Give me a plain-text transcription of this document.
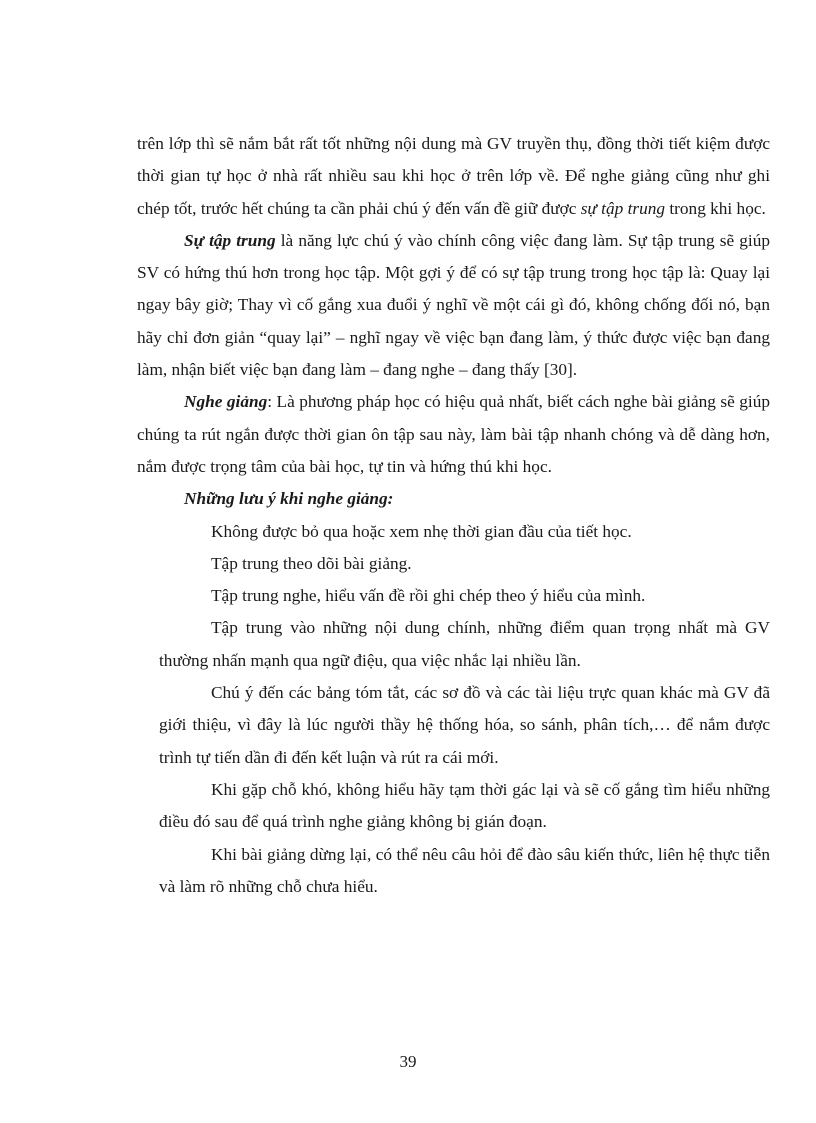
trên lớp thì sẽ nắm bắt rất tốt những nội dung mà GV truyền thụ, đồng thời tiết kiệm được thời gian tự học ở nhà rất nhiều sau khi học ở trên lớp về. Để nghe giảng cũng như ghi chép tốt, trước hết chúng ta cần phải chú ý đến vấn đề giữ được sự tập trung trong khi học.

Sự tập trung là năng lực chú ý vào chính công việc đang làm. Sự tập trung sẽ giúp SV có hứng thú hơn trong học tập. Một gợi ý để có sự tập trung trong học tập là: Quay lại ngay bây giờ; Thay vì cố gắng xua đuổi ý nghĩ về một cái gì đó, không chống đối nó, bạn hãy chỉ đơn giản “quay lại” – nghĩ ngay về việc bạn đang làm, ý thức được việc bạn đang làm, nhận biết việc bạn đang làm – đang nghe – đang thấy [30].

Nghe giảng: Là phương pháp học có hiệu quả nhất, biết cách nghe bài giảng sẽ giúp chúng ta rút ngắn được thời gian ôn tập sau này, làm bài tập nhanh chóng và dễ dàng hơn, nắm được trọng tâm của bài học, tự tin và hứng thú khi học.

Những lưu ý khi nghe giảng:

Không được bỏ qua hoặc xem nhẹ thời gian đầu của tiết học.

Tập trung theo dõi bài giảng.

Tập trung nghe, hiểu vấn đề rồi ghi chép theo ý hiểu của mình.

Tập trung vào những nội dung chính, những điểm quan trọng nhất mà GV thường nhấn mạnh qua ngữ điệu, qua việc nhắc lại nhiều lần.

Chú ý đến các bảng tóm tắt, các sơ đồ và các tài liệu trực quan khác mà GV đã giới thiệu, vì đây là lúc người thầy hệ thống hóa, so sánh, phân tích,… để nắm được trình tự tiến dần đi đến kết luận và rút ra cái mới.

Khi gặp chỗ khó, không hiểu hãy tạm thời gác lại và sẽ cố gắng tìm hiểu những điều đó sau để quá trình nghe giảng không bị gián đoạn.

Khi bài giảng dừng lại, có thể nêu câu hỏi để đào sâu kiến thức, liên hệ thực tiễn và làm rõ những chỗ chưa hiểu.

39
